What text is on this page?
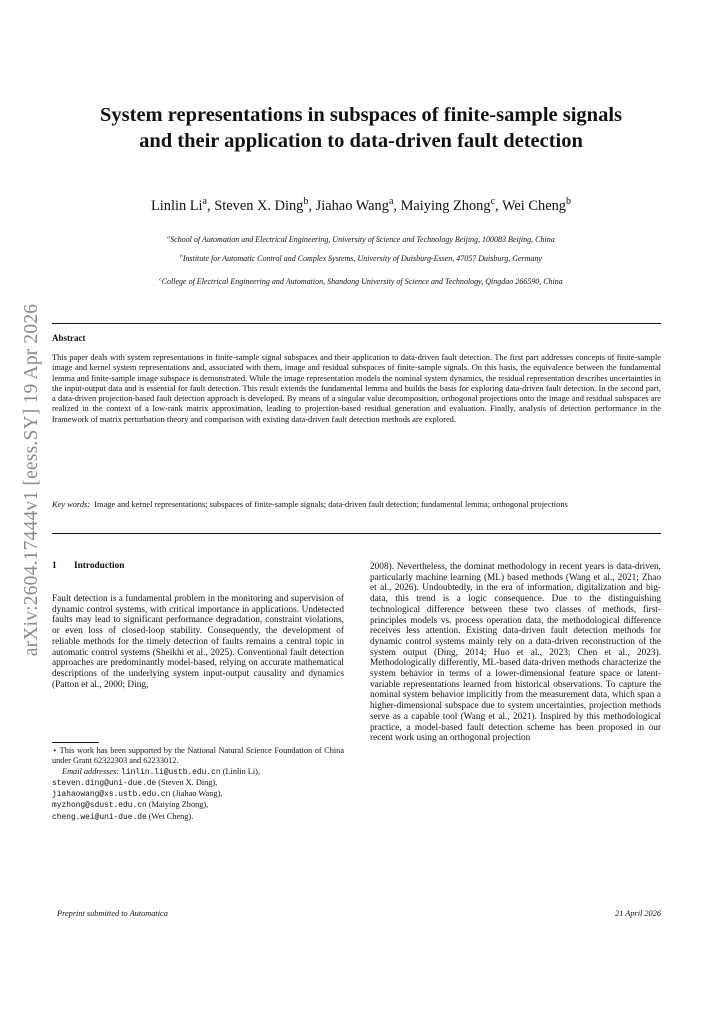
arXiv:2604.17444v1 [eess.SY] 19 Apr 2026
System representations in subspaces of finite-sample signals
and their application to data-driven fault detection
Linlin Li$^a$, Steven X. Ding$^b$, Jiahao Wang$^a$, Maiying Zhong$^c$, Wei Cheng$^b$
$^a$School of Automation and Electrical Engineering, University of Science and Technology Beijing, 100083 Beijing, China
$^b$Institute for Automatic Control and Complex Systems, University of Duisburg-Essen, 47057 Duisburg, Germany
$^c$College of Electrical Engineering and Automation, Shandong University of Science and Technology, Qingdao 266590, China
Abstract
This paper deals with system representations in finite-sample signal subspaces and their application to data-driven fault detection. The first part addresses concepts of finite-sample image and kernel system representations and, associated with them, image and residual subspaces of finite-sample signals. On this basis, the equivalence between the fundamental lemma and finite-sample image subspace is demonstrated. While the image representation models the nominal system dynamics, the residual representation describes uncertainties in the input-output data and is essential for fault detection. This result extends the fundamental lemma and builds the basis for exploring data-driven fault detection. In the second part, a data-driven projection-based fault detection approach is developed. By means of a singular value decomposition, orthogonal projections onto the image and residual subspaces are realized in the context of a low-rank matrix approximation, leading to projection-based residual generation and evaluation. Finally, analysis of detection performance in the framework of matrix perturbation theory and comparison with existing data-driven fault detection methods are explored.
Key words: Image and kernel representations; subspaces of finite-sample signals; data-driven fault detection; fundamental lemma; orthogonal projections
1 Introduction

Fault detection is a fundamental problem in the monitoring and supervision of dynamic control systems, with critical importance in applications. Undetected faults may lead to significant performance degradation, constraint violations, or even loss of closed-loop stability. Consequently, the development of reliable methods for the timely detection of faults remains a central topic in automatic control systems (Sheikhi et al., 2025). Conventional fault detection approaches are predominantly model-based, relying on accurate mathematical descriptions of the underlying system input-output causality and dynamics (Patton et al., 2000; Ding,

⋆ This work has been supported by the National Natural Science Foundation of China under Grant 62322303 and 62233012.
Email addresses: linlin.li@ustb.edu.cn (Linlin Li),
steven.ding@uni-due.de (Steven X. Ding),
jiahaowang@xs.ustb.edu.cn (Jiahao Wang),
myzhong@sdust.edu.cn (Maiying Zhong),
cheng.wei@uni-due.de (Wei Cheng).

2008). Nevertheless, the dominat methodology in recent years is data-driven, particularly machine learning (ML) based methods (Wang et al., 2021; Zhao et al., 2026). Undoubtedly, in the era of information, digitalization and big-data, this trend is a logic consequence. Due to the distinguishing technological difference between these two classes of methods, first-principles models vs. process operation data, the methodological difference receives less attention. Existing data-driven fault detection methods for dynamic control systems mainly rely on a data-driven reconstruction of the system output (Ding, 2014; Huo et al., 2023; Chen et al., 2023). Methodologically differently, ML-based data-driven methods characterize the system behavior in terms of a lower-dimensional feature space or latent-variable representations learned from historical observations. To capture the nominal system behavior implicitly from the measurement data, which span a higher-dimensional subspace due to system uncertainties, projection methods serve as a capable tool (Wang et al., 2021). Inspired by this methodological practice, a model-based fault detection scheme has been proposed in our recent work using an orthogonal projection

Preprint submitted to Automatica	21 April 2026
